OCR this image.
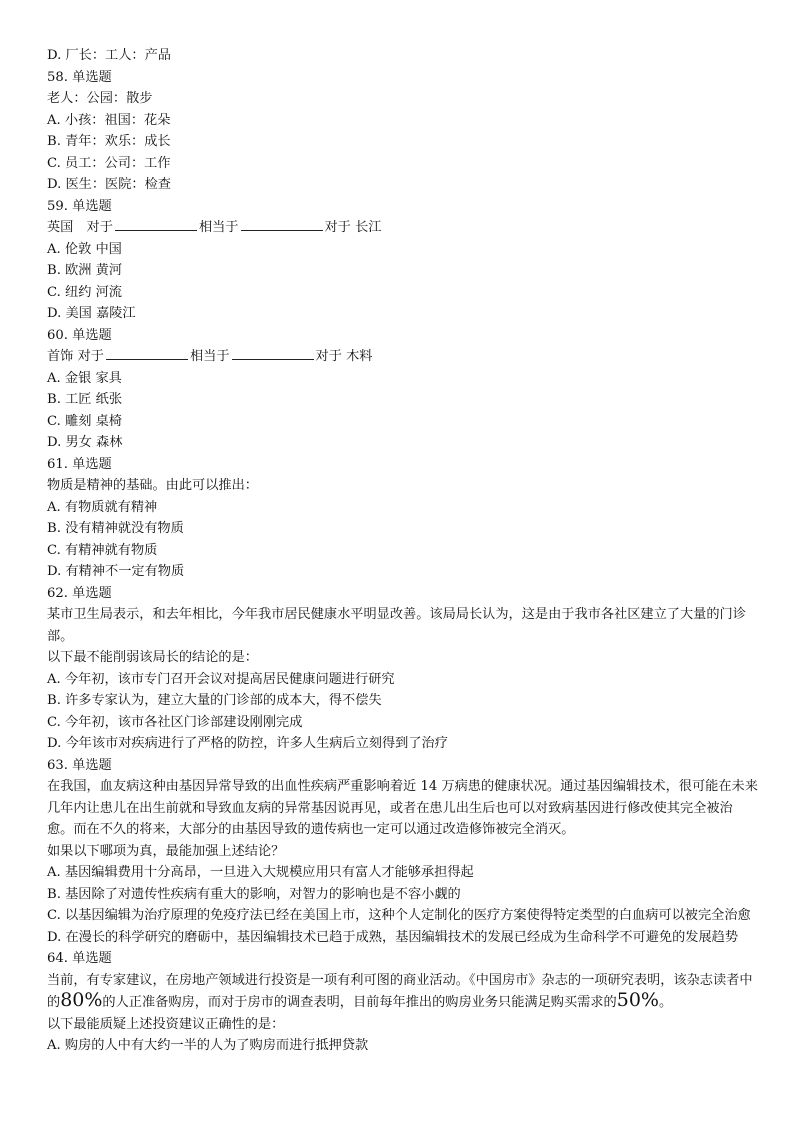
D. 厂长：工人：产品
58. 单选题
老人：公园：散步
A. 小孩：祖国：花朵
B. 青年：欢乐：成长
C. 员工：公司：工作
D. 医生：医院：检查
59. 单选题
英国　对于	相当于	对于 长江
A. 伦敦 中国
B. 欧洲 黄河
C. 纽约 河流
D. 美国 嘉陵江
60. 单选题
首饰 对于	相当于	对于 木料
A. 金银 家具
B. 工匠 纸张
C. 雕刻 桌椅
D. 男女 森林
61. 单选题
物质是精神的基础。由此可以推出：
A. 有物质就有精神
B. 没有精神就没有物质
C. 有精神就有物质
D. 有精神不一定有物质
62. 单选题
某市卫生局表示，和去年相比，今年我市居民健康水平明显改善。该局局长认为，这是由于我市各社区建立了大量的门诊部。
以下最不能削弱该局长的结论的是：
A. 今年初，该市专门召开会议对提高居民健康问题进行研究
B. 许多专家认为，建立大量的门诊部的成本大，得不偿失
C. 今年初，该市各社区门诊部建设刚刚完成
D. 今年该市对疾病进行了严格的防控，许多人生病后立刻得到了治疗
63. 单选题
在我国，血友病这种由基因异常导致的出血性疾病严重影响着近 14 万病患的健康状况。通过基因编辑技术，很可能在未来几年内让患儿在出生前就和导致血友病的异常基因说再见，或者在患儿出生后也可以对致病基因进行修改使其完全被治愈。而在不久的将来，大部分的由基因导致的遗传病也一定可以通过改造修饰被完全消灭。
如果以下哪项为真，最能加强上述结论？
A. 基因编辑费用十分高昂，一旦进入大规模应用只有富人才能够承担得起
B. 基因除了对遗传性疾病有重大的影响，对智力的影响也是不容小觑的
C. 以基因编辑为治疗原理的免疫疗法已经在美国上市，这种个人定制化的医疗方案使得特定类型的白血病可以被完全治愈
D. 在漫长的科学研究的磨砺中，基因编辑技术已趋于成熟，基因编辑技术的发展已经成为生命科学不可避免的发展趋势
64. 单选题
当前，有专家建议，在房地产领域进行投资是一项有利可图的商业活动。《中国房市》杂志的一项研究表明，该杂志读者中的80%的人正准备购房，而对于房市的调查表明，目前每年推出的购房业务只能满足购买需求的50%。
以下最能质疑上述投资建议正确性的是：
A. 购房的人中有大约一半的人为了购房而进行抵押贷款
